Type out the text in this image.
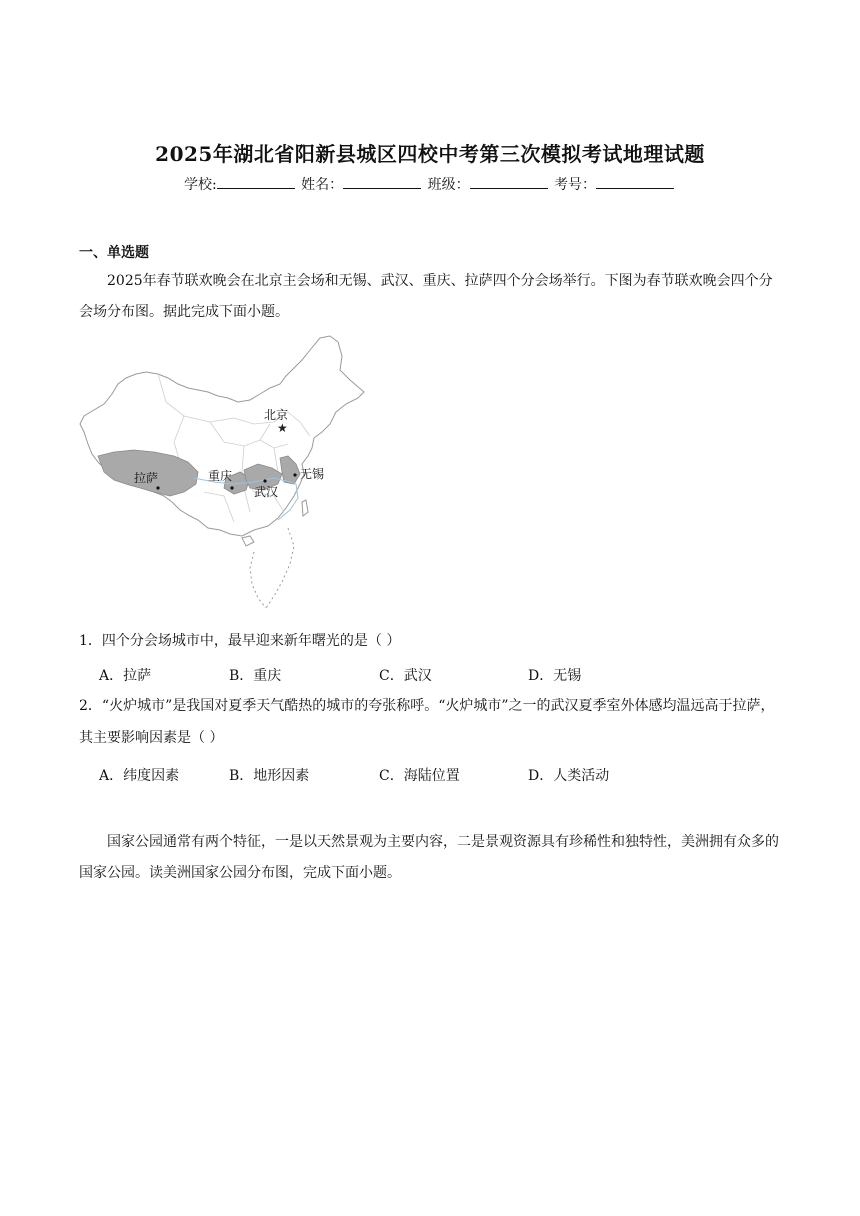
2025年湖北省阳新县城区四校中考第三次模拟考试地理试题
学校:	姓名：	班级：	考号：
一、单选题
2025年春节联欢晚会在北京主会场和无锡、武汉、重庆、拉萨四个分会场举行。下图为春节联欢晚会四个分会场分布图。据此完成下面小题。
★
北京
拉萨	重庆
武汉
无锡
1．四个分会场城市中，最早迎来新年曙光的是（ ）
A．拉萨	B．重庆	C．武汉	D．无锡
2．“火炉城市”是我国对夏季天气酷热的城市的夸张称呼。“火炉城市”之一的武汉夏季室外体感均温远高于拉萨，其主要影响因素是（ ）
A．纬度因素	B．地形因素	C．海陆位置	D．人类活动
国家公园通常有两个特征，一是以天然景观为主要内容，二是景观资源具有珍稀性和独特性，美洲拥有众多的国家公园。读美洲国家公园分布图，完成下面小题。
